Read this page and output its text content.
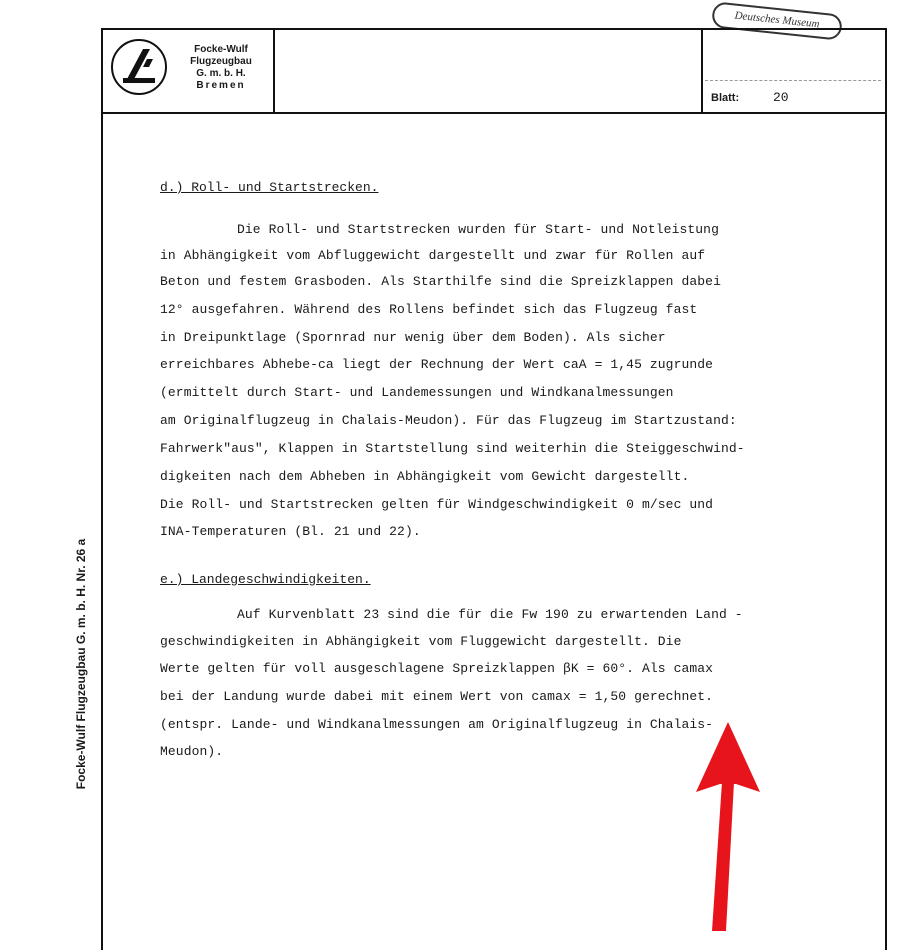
Deutsches Museum
Focke-Wulf Flugzeugbau G. m. b. H. Nr. 26 a
Focke-Wulf
Flugzeugbau
G. m. b. H.
Bremen
Blatt:	20
d.) Roll- und Startstrecken.
Die Roll- und Startstrecken wurden für Start- und Notleistung
in Abhängigkeit vom Abfluggewicht dargestellt und zwar für Rollen auf
Beton und festem Grasboden. Als Starthilfe sind die Spreizklappen dabei
12° ausgefahren. Während des Rollens befindet sich das Flugzeug fast
in Dreipunktlage (Spornrad nur wenig über dem Boden). Als sicher
erreichbares Abhebe-ca liegt der Rechnung der Wert caA = 1,45 zugrunde
(ermittelt durch Start- und Landemessungen und Windkanalmessungen
am Originalflugzeug in Chalais-Meudon). Für das Flugzeug im Startzustand:
Fahrwerk"aus", Klappen in Startstellung sind weiterhin die Steiggeschwind-
digkeiten nach dem Abheben in Abhängigkeit vom Gewicht dargestellt.
Die Roll- und Startstrecken gelten für Windgeschwindigkeit 0 m/sec und
INA-Temperaturen (Bl. 21 und 22).
e.) Landegeschwindigkeiten.
Auf Kurvenblatt 23 sind die für die Fw 190 zu erwartenden Land -
geschwindigkeiten in Abhängigkeit vom Fluggewicht dargestellt. Die
Werte gelten für voll ausgeschlagene Spreizklappen βK = 60°. Als camax
bei der Landung wurde dabei mit einem Wert von camax = 1,50 gerechnet.
(entspr. Lande- und Windkanalmessungen am Originalflugzeug in Chalais-
Meudon).
